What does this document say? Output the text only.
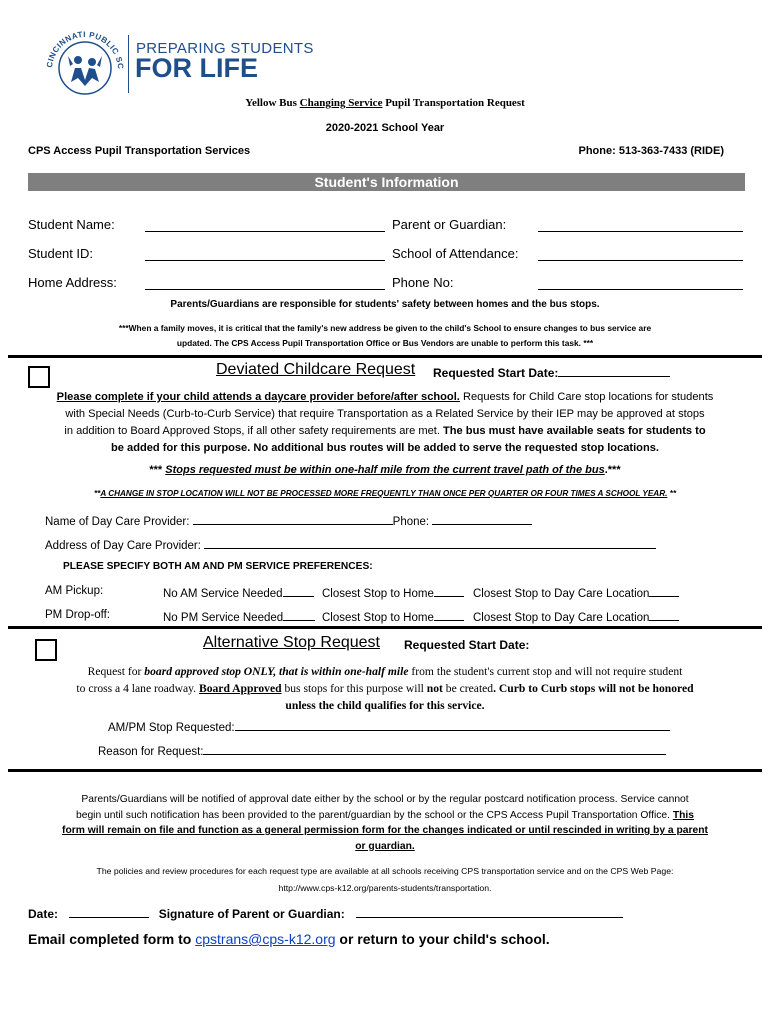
CINCINNATI PUBLIC SC
PREPARING STUDENTS
FOR LIFE
Yellow Bus Changing Service Pupil Transportation Request
2020-2021 School Year
CPS Access Pupil Transportation Services	Phone: 513-363-7433 (RIDE)
Student's Information
Student Name:	Parent or Guardian:
Student ID:	School of Attendance:
Home Address:	Phone No:
Parents/Guardians are responsible for students' safety between homes and the bus stops.
***When a family moves, it is critical that the family's new address be given to the child's School to ensure changes to bus service are
updated. The CPS Access Pupil Transportation Office or Bus Vendors are unable to perform this task. ***
Deviated Childcare Request Requested Start Date:
Please complete if your child attends a daycare provider before/after school. Requests for Child Care stop locations for students
with Special Needs (Curb-to-Curb Service) that require Transportation as a Related Service by their IEP may be approved at stops
in addition to Board Approved Stops, if all other safety requirements are met. The bus must have available seats for students to
be added for this purpose. No additional bus routes will be added to serve the requested stop locations.
*** Stops requested must be within one-half mile from the current travel path of the bus.***
**A CHANGE IN STOP LOCATION WILL NOT BE PROCESSED MORE FREQUENTLY THAN ONCE PER QUARTER OR FOUR TIMES A SCHOOL YEAR. **
Name of Day Care Provider:	Phone:
Address of Day Care Provider:
PLEASE SPECIFY BOTH AM AND PM SERVICE PREFERENCES:
AM Pickup:	No AM Service Needed	Closest Stop to Home	Closest Stop to Day Care Location
PM Drop-off:	No PM Service Needed	Closest Stop to Home	Closest Stop to Day Care Location
Alternative Stop Request Requested Start Date:
Request for board approved stop ONLY, that is within one-half mile from the student's current stop and will not require student
to cross a 4 lane roadway. Board Approved bus stops for this purpose will not be created. Curb to Curb stops will not be honored
unless the child qualifies for this service.
AM/PM Stop Requested:
Reason for Request:
Parents/Guardians will be notified of approval date either by the school or by the regular postcard notification process. Service cannot
begin until such notification has been provided to the parent/guardian by the school or the CPS Access Pupil Transportation Office. This
form will remain on file and function as a general permission form for the changes indicated or until rescinded in writing by a parent
or guardian.
The policies and review procedures for each request type are available at all schools receiving CPS transportation service and on the CPS Web Page:
http://www.cps-k12.org/parents-students/transportation.
Date:	Signature of Parent or Guardian:
Email completed form to cpstrans@cps-k12.org or return to your child's school.
